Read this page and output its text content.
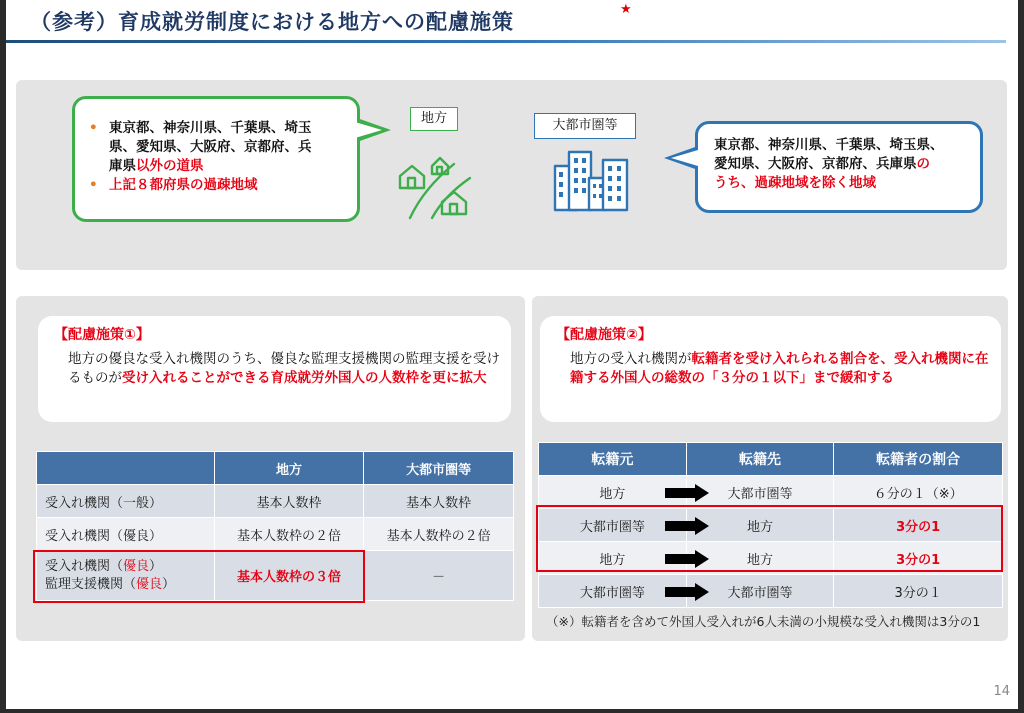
（参考）育成就労制度における地方への配慮施策
★
• 東京都、神奈川県、千葉県、埼玉
県、愛知県、大阪府、京都府、兵
庫県以外の道県
• 上記８都府県の過疎地域
地方	大都市圏等
東京都、神奈川県、千葉県、埼玉県、
愛知県、大阪府、京都府、兵庫県の
うち、過疎地域を除く地域
【配慮施策①】
地方の優良な受入れ機関のうち、優良な監理支援機関の監理支援を受けるものが受け入れることができる育成就労外国人の人数枠を更に拡大
	地方	大都市圏等
受入れ機関（一般）	基本人数枠	基本人数枠
受入れ機関（優良）	基本人数枠の２倍	基本人数枠の２倍

受入れ機関（優良）
監理支援機関（優良）	基本人数枠の３倍	－
【配慮施策②】
地方の受入れ機関が転籍者を受け入れられる割合を、受入れ機関に在籍する外国人の総数の「３分の１以下」まで緩和する
転籍元	転籍先	転籍者の割合
地方	大都市圏等	６分の１（※）
大都市圏等	地方	3分の1
地方	地方	3分の1
大都市圏等	大都市圏等	3分の１
（※）転籍者を含めて外国人受入れが6人未満の小規模な受入れ機関は3分の1
14
